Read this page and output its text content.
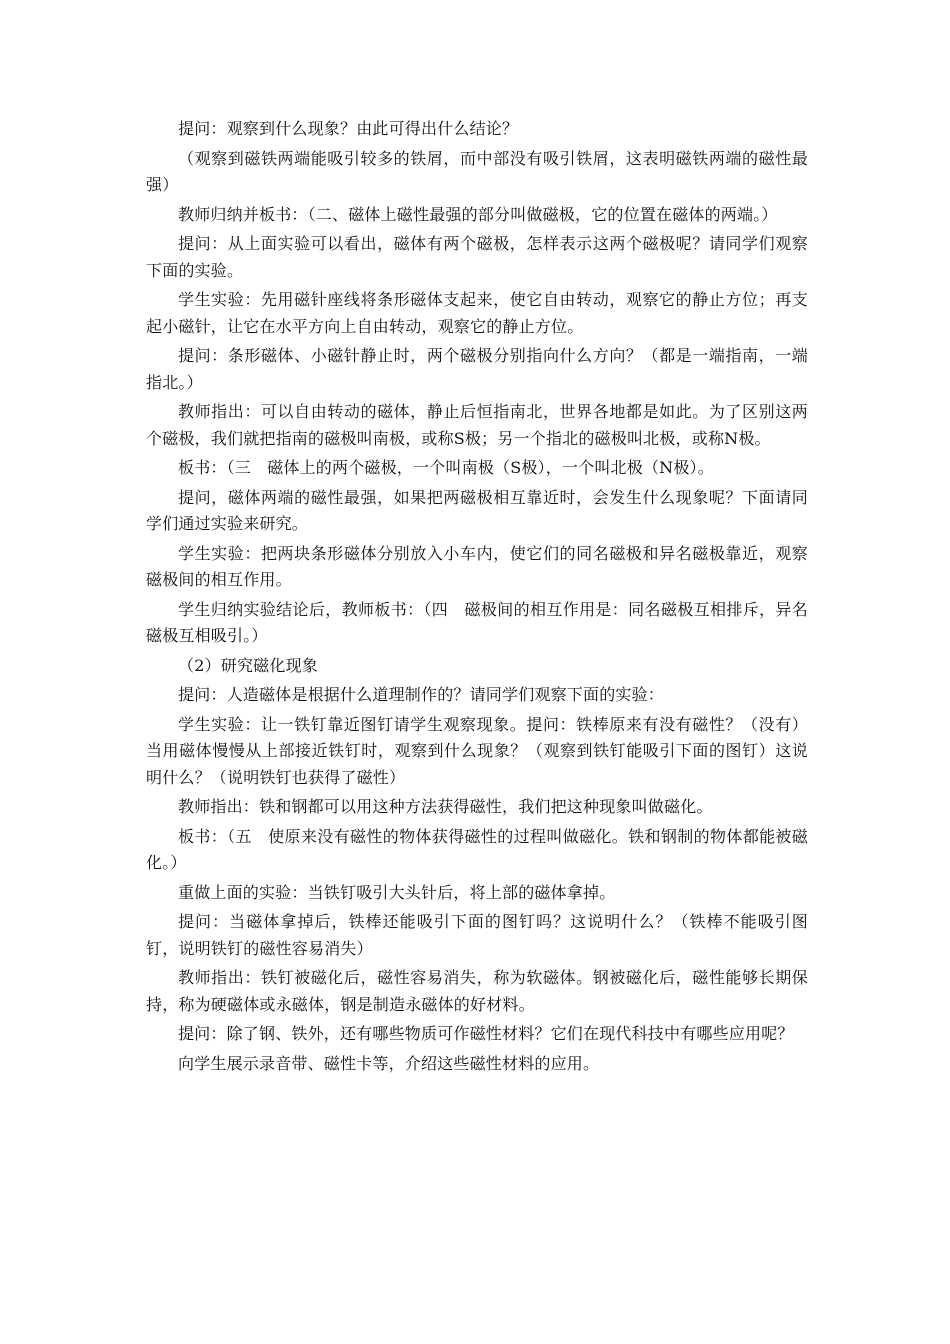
提问：观察到什么现象？由此可得出什么结论？

（观察到磁铁两端能吸引较多的铁屑，而中部没有吸引铁屑，这表明磁铁两端的磁性最强）

教师归纳并板书：（二、磁体上磁性最强的部分叫做磁极，它的位置在磁体的两端。）

提问：从上面实验可以看出，磁体有两个磁极，怎样表示这两个磁极呢？请同学们观察下面的实验。

学生实验：先用磁针座线将条形磁体支起来，使它自由转动，观察它的静止方位；再支起小磁针，让它在水平方向上自由转动，观察它的静止方位。

提问：条形磁体、小磁针静止时，两个磁极分别指向什么方向？（都是一端指南，一端指北。）

教师指出：可以自由转动的磁体，静止后恒指南北，世界各地都是如此。为了区别这两个磁极，我们就把指南的磁极叫南极，或称S极；另一个指北的磁极叫北极，或称N极。

板书：（三　磁体上的两个磁极，一个叫南极（S极），一个叫北极（N极）。

提问，磁体两端的磁性最强，如果把两磁极相互靠近时，会发生什么现象呢？下面请同学们通过实验来研究。

学生实验：把两块条形磁体分别放入小车内，使它们的同名磁极和异名磁极靠近，观察磁极间的相互作用。

学生归纳实验结论后，教师板书：（四　磁极间的相互作用是：同名磁极互相排斥，异名磁极互相吸引。）

（2）研究磁化现象

提问：人造磁体是根据什么道理制作的？请同学们观察下面的实验：

学生实验：让一铁钉靠近图钉请学生观察现象。提问：铁棒原来有没有磁性？（没有）当用磁体慢慢从上部接近铁钉时，观察到什么现象？（观察到铁钉能吸引下面的图钉）这说明什么？（说明铁钉也获得了磁性）

教师指出：铁和钢都可以用这种方法获得磁性，我们把这种现象叫做磁化。

板书：（五　使原来没有磁性的物体获得磁性的过程叫做磁化。铁和钢制的物体都能被磁化。）

重做上面的实验：当铁钉吸引大头针后，将上部的磁体拿掉。

提问：当磁体拿掉后，铁棒还能吸引下面的图钉吗？这说明什么？（铁棒不能吸引图钉，说明铁钉的磁性容易消失）

教师指出：铁钉被磁化后，磁性容易消失，称为软磁体。钢被磁化后，磁性能够长期保持，称为硬磁体或永磁体，钢是制造永磁体的好材料。

提问：除了钢、铁外，还有哪些物质可作磁性材料？它们在现代科技中有哪些应用呢？

向学生展示录音带、磁性卡等，介绍这些磁性材料的应用。
